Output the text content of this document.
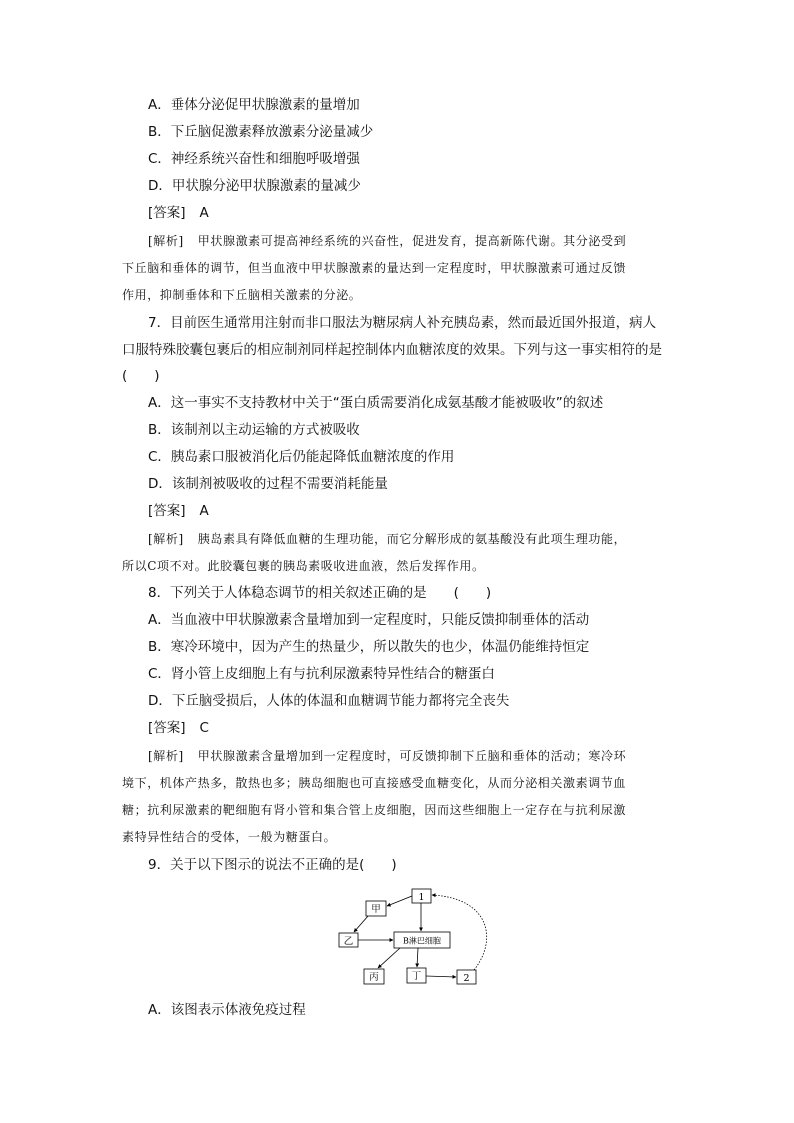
A．垂体分泌促甲状腺激素的量增加
B．下丘脑促激素释放激素分泌量减少
C．神经系统兴奋性和细胞呼吸增强
D．甲状腺分泌甲状腺激素的量减少
[答案] A
[解析] 甲状腺激素可提高神经系统的兴奋性，促进发育，提高新陈代谢。其分泌受到
下丘脑和垂体的调节，但当血液中甲状腺激素的量达到一定程度时，甲状腺激素可通过反馈
作用，抑制垂体和下丘脑相关激素的分泌。
7．目前医生通常用注射而非口服法为糖尿病人补充胰岛素，然而最近国外报道，病人
口服特殊胶囊包裹后的相应制剂同样起控制体内血糖浓度的效果。下列与这一事实相符的是
(　　)
A．这一事实不支持教材中关于“蛋白质需要消化成氨基酸才能被吸收”的叙述
B．该制剂以主动运输的方式被吸收
C．胰岛素口服被消化后仍能起降低血糖浓度的作用
D．该制剂被吸收的过程不需要消耗能量
[答案] A
[解析] 胰岛素具有降低血糖的生理功能，而它分解形成的氨基酸没有此项生理功能，
所以C项不对。此胶囊包裹的胰岛素吸收进血液，然后发挥作用。
8．下列关于人体稳态调节的相关叙述正确的是　　(　　)
A．当血液中甲状腺激素含量增加到一定程度时，只能反馈抑制垂体的活动
B．寒冷环境中，因为产生的热量少，所以散失的也少，体温仍能维持恒定
C．肾小管上皮细胞上有与抗利尿激素特异性结合的糖蛋白
D．下丘脑受损后，人体的体温和血糖调节能力都将完全丧失
[答案] C
[解析] 甲状腺激素含量增加到一定程度时，可反馈抑制下丘脑和垂体的活动；寒冷环
境下，机体产热多，散热也多；胰岛细胞也可直接感受血糖变化，从而分泌相关激素调节血
糖；抗利尿激素的靶细胞有肾小管和集合管上皮细胞，因而这些细胞上一定存在与抗利尿激
素特异性结合的受体，一般为糖蛋白。
9．关于以下图示的说法不正确的是(　　)
甲
1
乙	B淋巴细胞
丙	丁	2
A．该图表示体液免疫过程
